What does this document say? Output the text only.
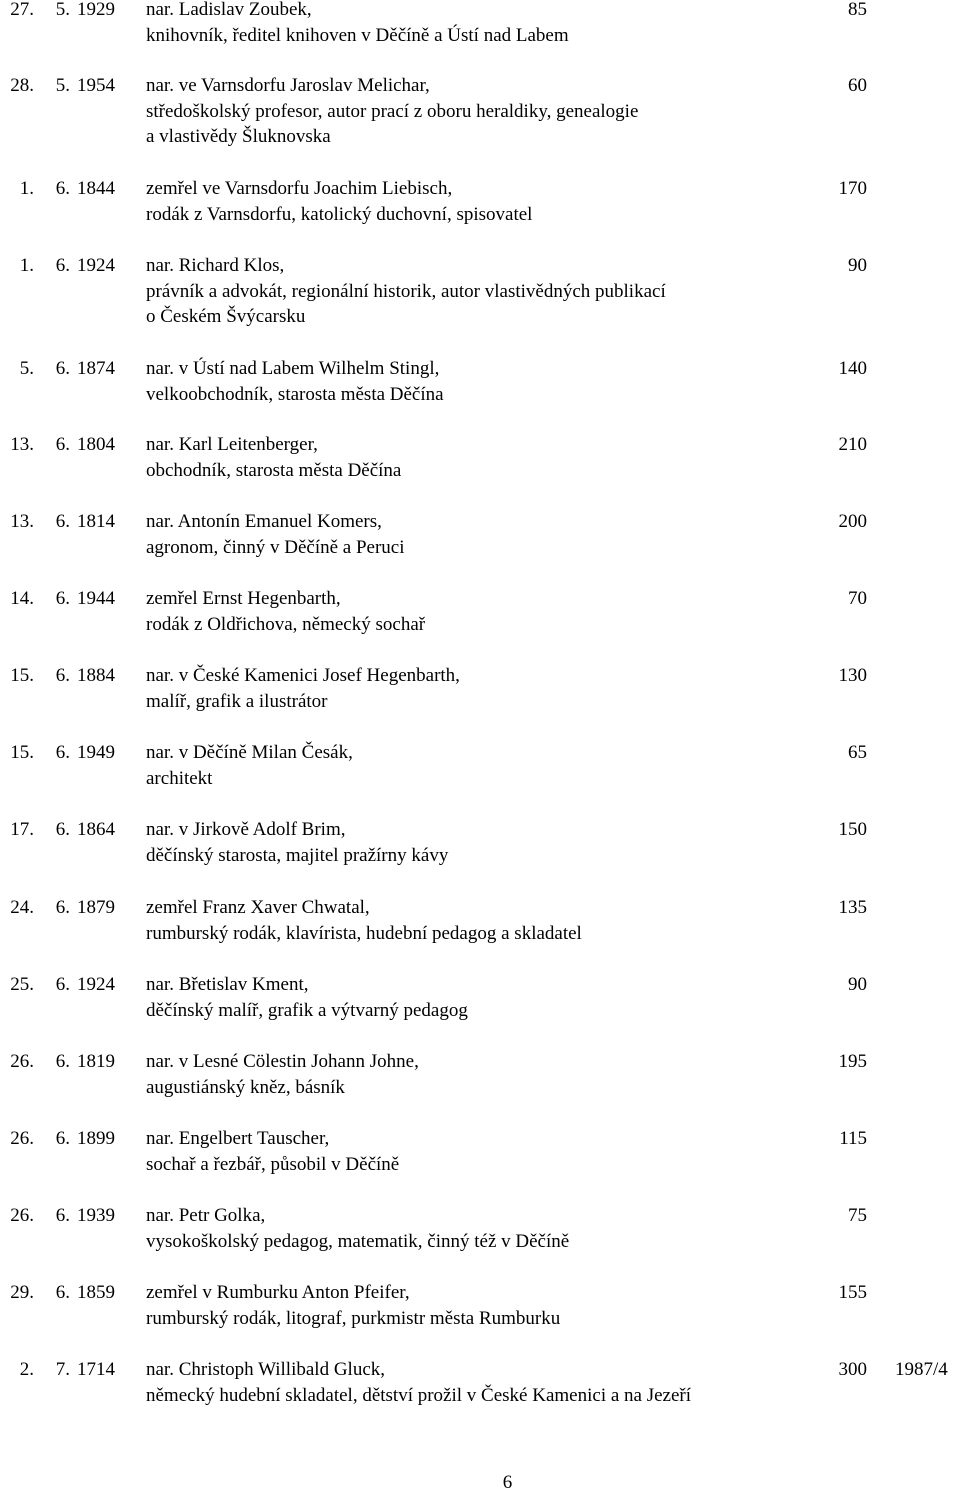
27.	5. 1929 nar. Ladislav Zoubek,
knihovník, ředitel knihoven v Děčíně a Ústí nad Labem
85
28.	5. 1954 nar. ve Varnsdorfu Jaroslav Melichar,
středoškolský profesor, autor prací z oboru heraldiky, genealogie
a vlastivědy Šluknovska
60
1.	6. 1844 zemřel ve Varnsdorfu Joachim Liebisch,
rodák z Varnsdorfu, katolický duchovní, spisovatel
170
1.	6. 1924 nar. Richard Klos,
právník a advokát, regionální historik, autor vlastivědných publikací
o Českém Švýcarsku
90
5.	6. 1874 nar. v Ústí nad Labem Wilhelm Stingl,
velkoobchodník, starosta města Děčína
140
13.	6. 1804 nar. Karl Leitenberger,
obchodník, starosta města Děčína
210
13.	6. 1814 nar. Antonín Emanuel Komers,
agronom, činný v Děčíně a Peruci
200
14.	6. 1944 zemřel Ernst Hegenbarth,
rodák z Oldřichova, německý sochař
70
15.	6. 1884 nar. v České Kamenici Josef Hegenbarth,
malíř, grafik a ilustrátor
130
15.	6. 1949 nar. v Děčíně Milan Česák,
architekt
65
17.	6. 1864 nar. v Jirkově Adolf Brim,
děčínský starosta, majitel pražírny kávy
150
24.	6. 1879 zemřel Franz Xaver Chwatal,
rumburský rodák, klavírista, hudební pedagog a skladatel
135
25.	6. 1924 nar. Břetislav Kment,
děčínský malíř, grafik a výtvarný pedagog
90
26.	6. 1819 nar. v Lesné Cölestin Johann Johne,
augustiánský kněz, básník
195
26.	6. 1899 nar. Engelbert Tauscher,
sochař a řezbář, působil v Děčíně
115
26.	6. 1939 nar. Petr Golka,
vysokoškolský pedagog, matematik, činný též v Děčíně
75
29.	6. 1859 zemřel v Rumburku Anton Pfeifer,
rumburský rodák, litograf, purkmistr města Rumburku
155
2.	7. 1714 nar. Christoph Willibald Gluck,
německý hudební skladatel, dětství prožil v České Kamenici a na Jezeří
300 1987/4
6
